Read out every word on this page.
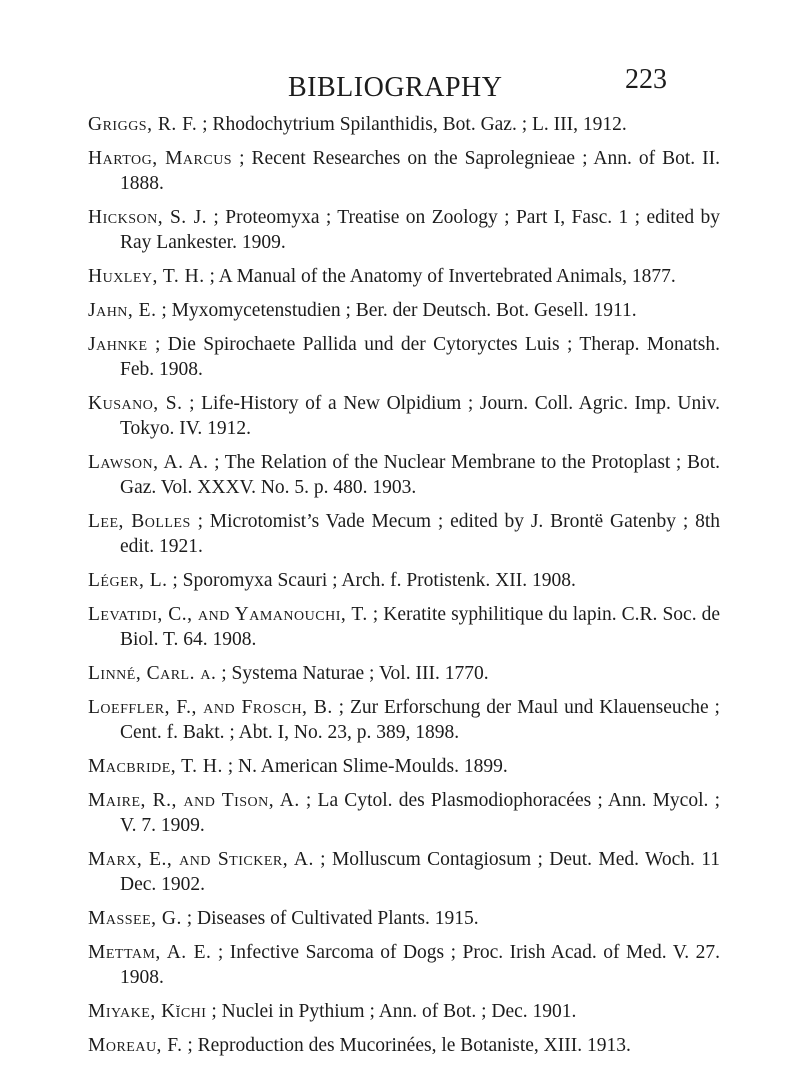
BIBLIOGRAPHY	223

Griggs, R. F. ; Rhodochytrium Spilanthidis, Bot. Gaz. ; L. III, 1912.

Hartog, Marcus ; Recent Researches on the Saprolegnieae ; Ann. of Bot. II. 1888.

Hickson, S. J. ; Proteomyxa ; Treatise on Zoology ; Part I, Fasc. 1 ; edited by Ray Lankester. 1909.

Huxley, T. H. ; A Manual of the Anatomy of Invertebrated Animals, 1877.

Jahn, E. ; Myxomycetenstudien ; Ber. der Deutsch. Bot. Gesell. 1911.

Jahnke ; Die Spirochaete Pallida und der Cytoryctes Luis ; Therap. Monatsh. Feb. 1908.

Kusano, S. ; Life-History of a New Olpidium ; Journ. Coll. Agric. Imp. Univ. Tokyo. IV. 1912.

Lawson, A. A. ; The Relation of the Nuclear Membrane to the Protoplast ; Bot. Gaz. Vol. XXXV. No. 5. p. 480. 1903.

Lee, Bolles ; Microtomist’s Vade Mecum ; edited by J. Brontë Gatenby ; 8th edit. 1921.

Léger, L. ; Sporomyxa Scauri ; Arch. f. Protistenk. XII. 1908.

Levatidi, C., and Yamanouchi, T. ; Keratite syphilitique du lapin. C.R. Soc. de Biol. T. 64. 1908.

Linné, Carl. a. ; Systema Naturae ; Vol. III. 1770.

Loeffler, F., and Frosch, B. ; Zur Erforschung der Maul und Klauenseuche ; Cent. f. Bakt. ; Abt. I, No. 23, p. 389, 1898.

Macbride, T. H. ; N. American Slime-Moulds. 1899.

Maire, R., and Tison, A. ; La Cytol. des Plasmodiophoracées ; Ann. Mycol. ; V. 7. 1909.

Marx, E., and Sticker, A. ; Molluscum Contagiosum ; Deut. Med. Woch. 11 Dec. 1902.

Massee, G. ; Diseases of Cultivated Plants. 1915.

Mettam, A. E. ; Infective Sarcoma of Dogs ; Proc. Irish Acad. of Med. V. 27. 1908.

Miyake, Kĭchi ; Nuclei in Pythium ; Ann. of Bot. ; Dec. 1901.

Moreau, F. ; Reproduction des Mucorinées, le Botaniste, XIII. 1913.
